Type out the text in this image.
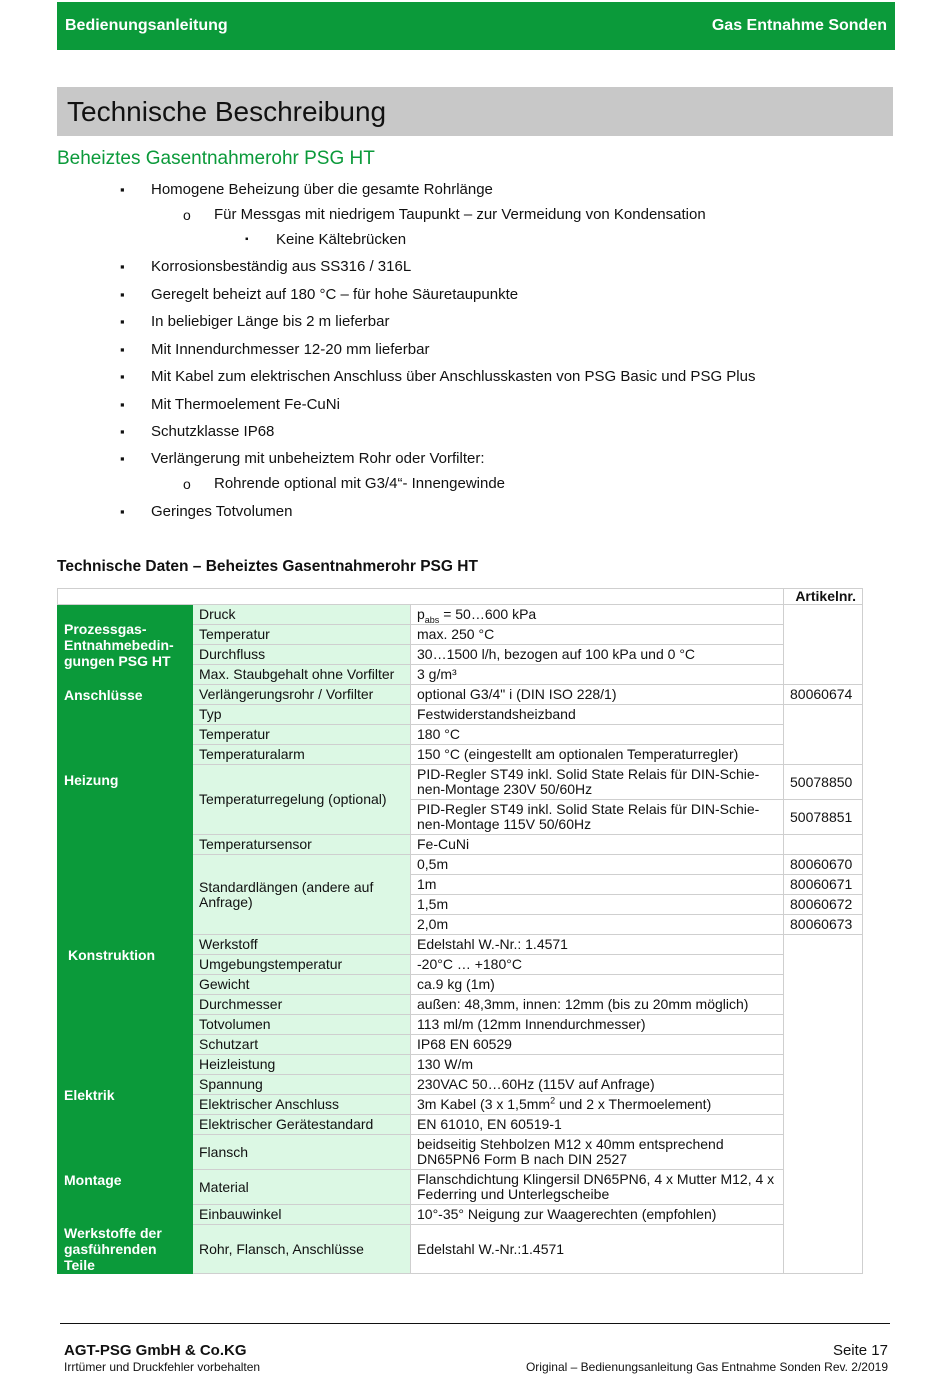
Bedienungsanleitung	Gas Entnahme Sonden
Technische Beschreibung
Beheiztes Gasentnahmerohr PSG HT
▪ Homogene Beheizung über die gesamte Rohrlänge
o Für Messgas mit niedrigem Taupunkt – zur Vermeidung von Kondensation
▪ Keine Kältebrücken
▪ Korrosionsbeständig aus SS316 / 316L
▪ Geregelt beheizt auf 180 °C – für hohe Säuretaupunkte
▪ In beliebiger Länge bis 2 m lieferbar
▪ Mit Innendurchmesser 12-20 mm lieferbar
▪ Mit Kabel zum elektrischen Anschluss über Anschlusskasten von PSG Basic und PSG Plus
▪ Mit Thermoelement Fe-CuNi
▪ Schutzklasse IP68
▪ Verlängerung mit unbeheiztem Rohr oder Vorfilter:
o Rohrende optional mit G3/4“- Innengewinde
▪ Geringes Totvolumen
Technische Daten – Beheiztes Gasentnahmerohr PSG HT
			Artikelnr.
Prozessgas-Entnahmebedin-gungen PSG HT	Druck	$p_{abs}$ = 50…600 kPa	
	Temperatur	max. 250 °C	
	Durchfluss	30…1500 l/h, bezogen auf 100 kPa und 0 °C	
	Max. Staubgehalt ohne Vorfilter	3 g/m³	
Anschlüsse	Verlängerungsrohr / Vorfilter	optional G3/4" i (DIN ISO 228/1)	80060674
Heizung	Typ	Festwiderstandsheizband	
	Temperatur	180 °C	
	Temperaturalarm	150 °C (eingestellt am optionalen Temperaturregler)	
	Temperaturregelung (optional)	PID-Regler ST49 inkl. Solid State Relais für DIN-Schie-nen-Montage 230V 50/60Hz	50078850
		PID-Regler ST49 inkl. Solid State Relais für DIN-Schie-nen-Montage 115V 50/60Hz	50078851
	Temperatursensor	Fe-CuNi	
Konstruktion	Standardlängen (andere auf Anfrage)	0,5m	80060670
		1m	80060671
		1,5m	80060672
		2,0m	80060673
	Werkstoff	Edelstahl W.-Nr.: 1.4571	
	Umgebungstemperatur	-20°C … +180°C	
	Gewicht	ca.9 kg (1m)	
	Durchmesser	außen: 48,3mm, innen: 12mm (bis zu 20mm möglich)	
	Totvolumen	113 ml/m (12mm Innendurchmesser)	
	Schutzart	IP68 EN 60529	
Elektrik	Heizleistung	130 W/m	
	Spannung	230VAC 50…60Hz (115V auf Anfrage)	
	Elektrischer Anschluss	3m Kabel (3 x $1,5mm^2$ und 2 x Thermoelement)	
	Elektrischer Gerätestandard	EN 61010, EN 60519-1	
Montage	Flansch	beidseitig Stehbolzen M12 x 40mm entsprechend DN65PN6 Form B nach DIN 2527	
	Material	Flanschdichtung Klingersil DN65PN6, 4 x Mutter M12, 4 x Federring und Unterlegscheibe	
	Einbauwinkel	10°-35° Neigung zur Waagerechten (empfohlen)	
Werkstoffe der gasführenden Teile	Rohr, Flansch, Anschlüsse	Edelstahl W.-Nr.:1.4571	
AGT-PSG GmbH & Co.KG
Irrtümer und Druckfehler vorbehalten
Seite 17
Original – Bedienungsanleitung Gas Entnahme Sonden Rev. 2/2019
